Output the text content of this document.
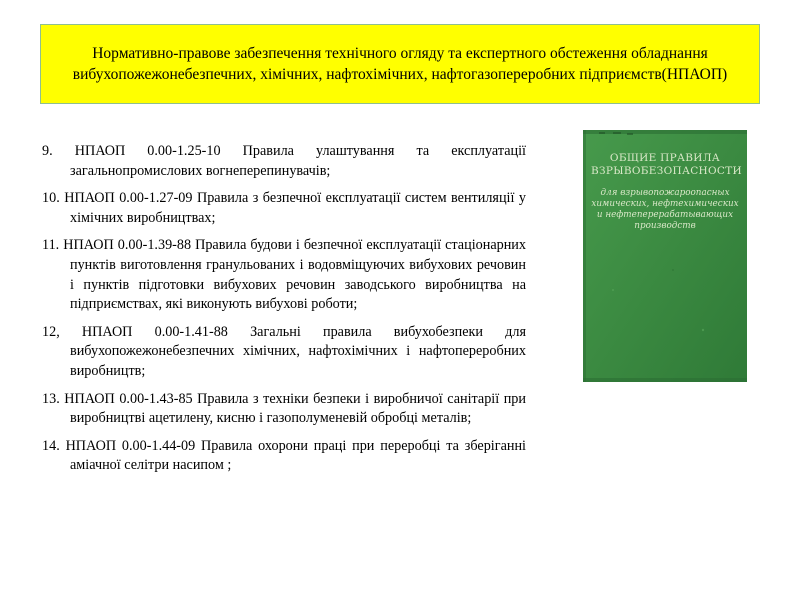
Нормативно-правове забезпечення технічного огляду та експертного обстеження обладнання вибухопожежонебезпечних, хімічних, нафтохімічних, нафтогазопереробних підприємств(НПАОП)
9. НПАОП 0.00-1.25-10 Правила улаштування та експлуатації загальнопромислових вогнеперепинувачів;
10. НПАОП 0.00-1.27-09 Правила з безпечної експлуатації систем вентиляції у хімічних виробництвах;
11. НПАОП 0.00-1.39-88 Правила будови і безпечної експлуатації стаціонарних пунктів виготовлення гранульованих і водовміщуючих вибухових речовин і пунктів підготовки вибухових речовин заводського виробництва на підприємствах, які виконують вибухові роботи;
12, НПАОП 0.00-1.41-88 Загальні правила вибухобезпеки для вибухопожежонебезпечних хімічних, нафтохімічних і нафтопереробних виробництв;
13. НПАОП 0.00-1.43-85 Правила з техніки безпеки і виробничої санітарії при виробництві ацетилену, кисню і газополуменевій обробці металів;
14. НПАОП 0.00-1.44-09 Правила охорони праці при переробці та зберіганні аміачної селітри насипом ;
ОБЩИЕ ПРАВИЛА ВЗРЫВОБЕЗОПАСНОСТИ
для взрывопожароопасных химических, нефтехимических и нефтеперерабатывающих производств
